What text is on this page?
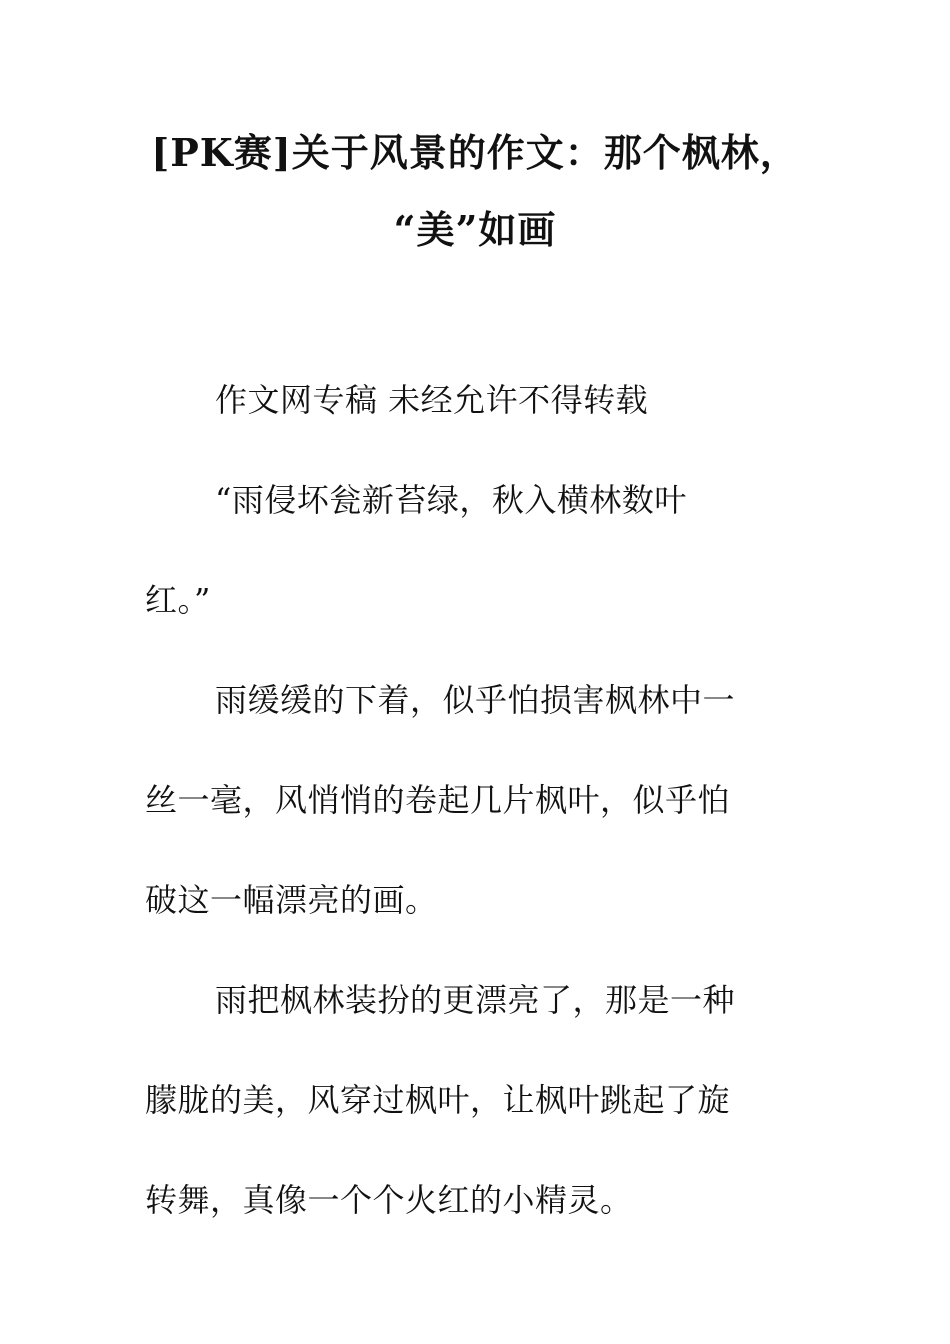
[PK赛]关于风景的作文：那个枫林，
“美”如画
作文网专稿 未经允许不得转载
“雨侵坏瓮新苔绿，秋入横林数叶
红。”
雨缓缓的下着，似乎怕损害枫林中一
丝一毫，风悄悄的卷起几片枫叶，似乎怕
破这一幅漂亮的画。
雨把枫林装扮的更漂亮了，那是一种
朦胧的美，风穿过枫叶，让枫叶跳起了旋
转舞，真像一个个火红的小精灵。
